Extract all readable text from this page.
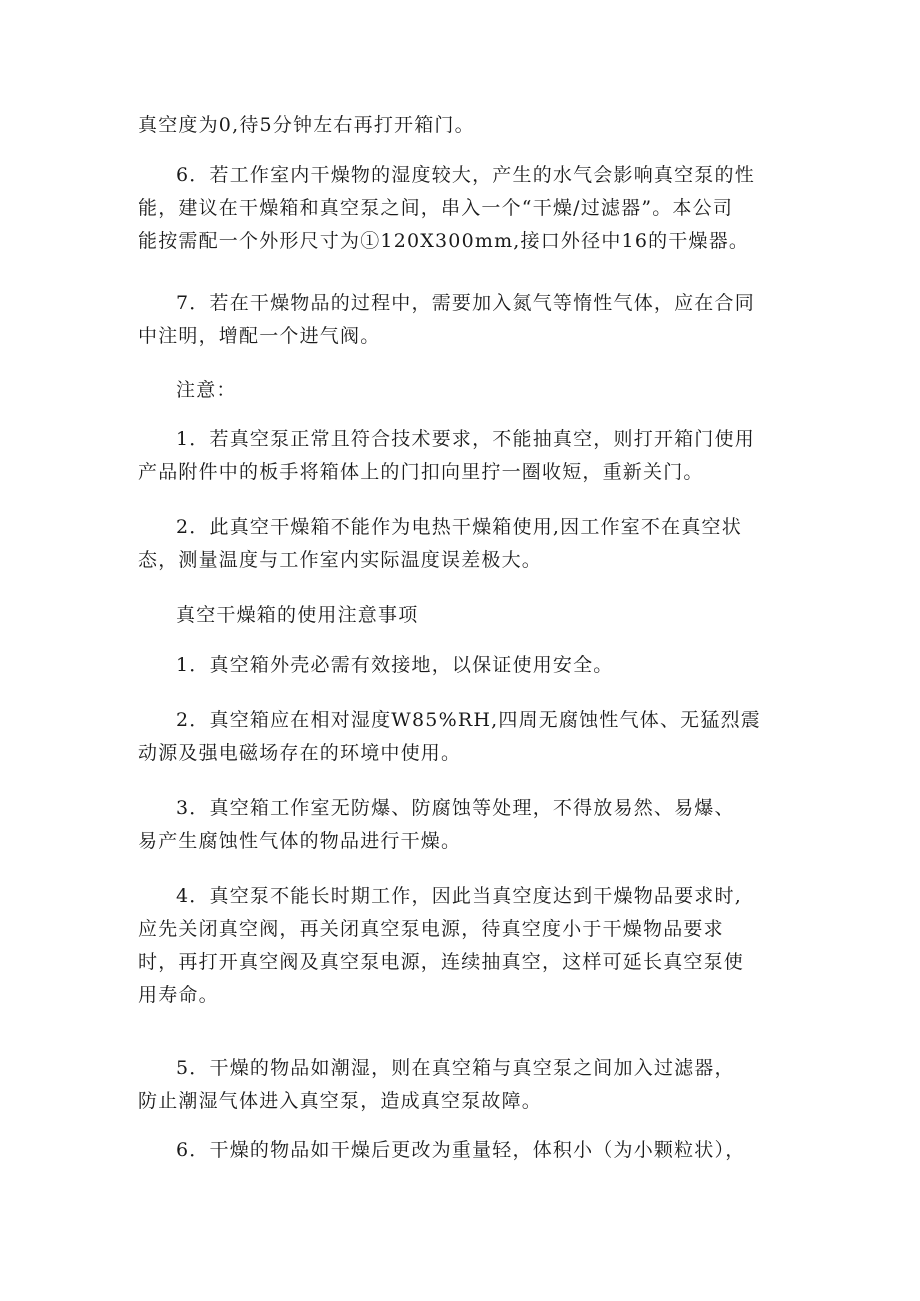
真空度为0,待5分钟左右再打开箱门。
6．若工作室内干燥物的湿度较大，产生的水气会影响真空泵的性
能，建议在干燥箱和真空泵之间，串入一个“干燥/过滤器”。本公司
能按需配一个外形尺寸为①120X300mm,接口外径中16的干燥器。
7．若在干燥物品的过程中，需要加入氮气等惰性气体，应在合同
中注明，增配一个进气阀。
注意：
1．若真空泵正常且符合技术要求，不能抽真空，则打开箱门使用
产品附件中的板手将箱体上的门扣向里拧一圈收短，重新关门。
2．此真空干燥箱不能作为电热干燥箱使用,因工作室不在真空状
态，测量温度与工作室内实际温度误差极大。
真空干燥箱的使用注意事项
1．真空箱外壳必需有效接地，以保证使用安全。
2．真空箱应在相对湿度W85%RH,四周无腐蚀性气体、无猛烈震
动源及强电磁场存在的环境中使用。
3．真空箱工作室无防爆、防腐蚀等处理，不得放易然、易爆、
易产生腐蚀性气体的物品进行干燥。
4．真空泵不能长时期工作，因此当真空度达到干燥物品要求时,
应先关闭真空阀，再关闭真空泵电源，待真空度小于干燥物品要求
时，再打开真空阀及真空泵电源，连续抽真空，这样可延长真空泵使
用寿命。
5．干燥的物品如潮湿，则在真空箱与真空泵之间加入过滤器，
防止潮湿气体进入真空泵，造成真空泵故障。
6．干燥的物品如干燥后更改为重量轻，体积小（为小颗粒状），
